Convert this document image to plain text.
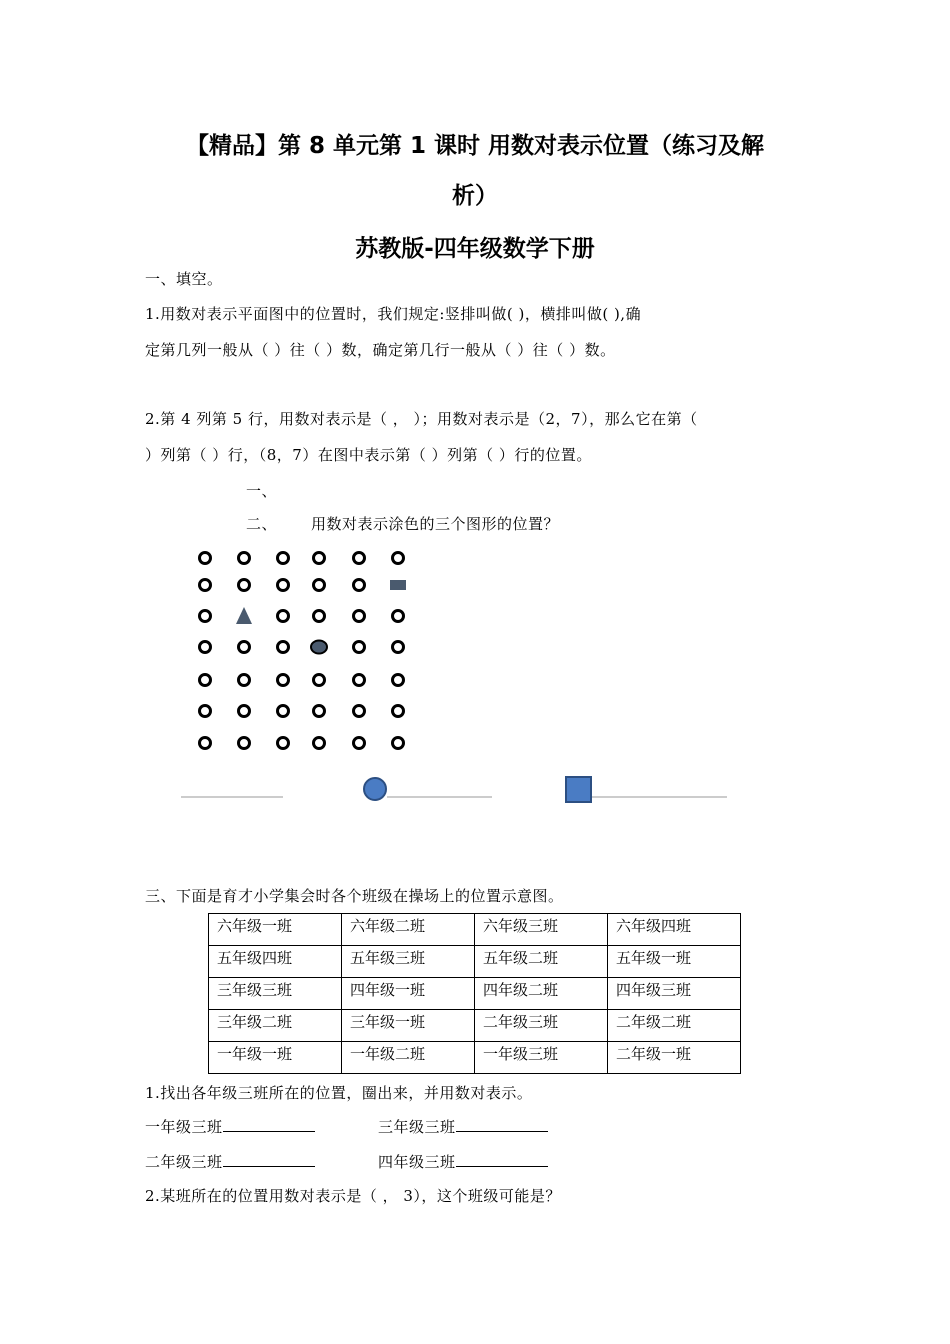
【精品】第 8 单元第 1 课时 用数对表示位置（练习及解
析）
苏教版-四年级数学下册
一、填空。
1.用数对表示平面图中的位置时，我们规定:竖排叫做( )，横排叫做( ),确
定第几列一般从（ ）往（ ）数，确定第几行一般从（ ）往（ ）数。
2.第 4 列第 5 行，用数对表示是（ ， ）；用数对表示是（2，7），那么它在第（
）列第（ ）行，（8，7）在图中表示第（ ）列第（ ）行的位置。
一、
二、 用数对表示涂色的三个图形的位置？
三、下面是育才小学集会时各个班级在操场上的位置示意图。
六年级一班	六年级二班	六年级三班	六年级四班
五年级四班	五年级三班	五年级二班	五年级一班
三年级三班	四年级一班	四年级二班	四年级三班
三年级二班	三年级一班	二年级三班	二年级二班
一年级一班	一年级二班	一年级三班	二年级一班
1.找出各年级三班所在的位置，圈出来，并用数对表示。
一年级三班	三年级三班
二年级三班	四年级三班
2.某班所在的位置用数对表示是（ ， 3），这个班级可能是？
